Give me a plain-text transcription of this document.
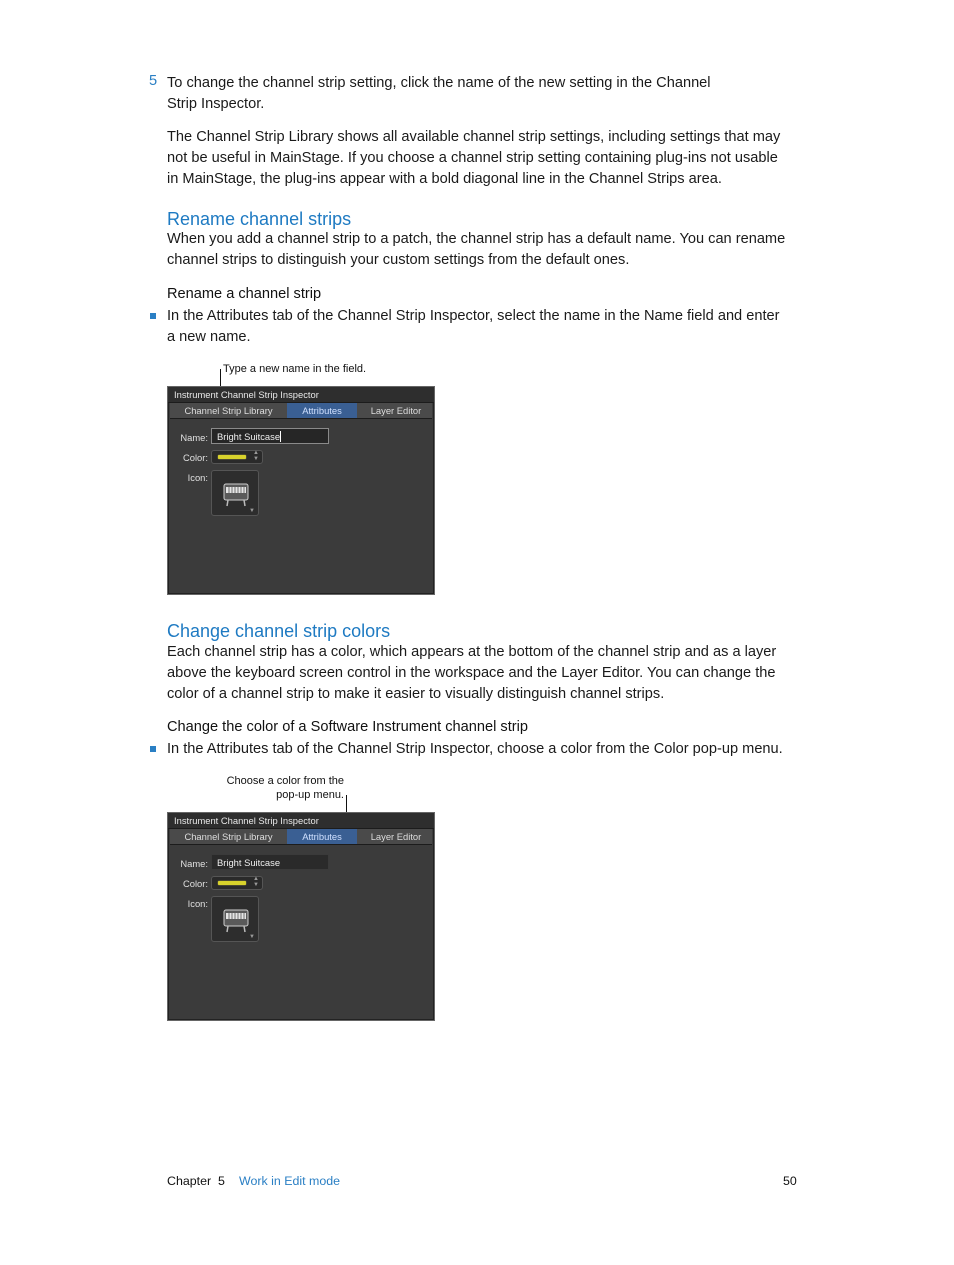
5 To change the channel strip setting, click the name of the new setting in the Channel
Strip Inspector.
The Channel Strip Library shows all available channel strip settings, including settings that may
not be useful in MainStage. If you choose a channel strip setting containing plug-ins not usable
in MainStage, the plug-ins appear with a bold diagonal line in the Channel Strips area.
Rename channel strips
When you add a channel strip to a patch, the channel strip has a default name. You can rename
channel strips to distinguish your custom settings from the default ones.
Rename a channel strip
In the Attributes tab of the Channel Strip Inspector, select the name in the Name field and enter
a new name.
Type a new name in the field.
Instrument Channel Strip Inspector
Channel Strip Library	Attributes	Layer Editor
Name: Bright Suitcase
Color:	▲
▼
Icon:
▼
Change channel strip colors
Each channel strip has a color, which appears at the bottom of the channel strip and as a layer
above the keyboard screen control in the workspace and the Layer Editor. You can change the
color of a channel strip to make it easier to visually distinguish channel strips.
Change the color of a Software Instrument channel strip
In the Attributes tab of the Channel Strip Inspector, choose a color from the Color pop-up menu.
Choose a color from the
pop-up menu.
Instrument Channel Strip Inspector
Channel Strip Library	Attributes	Layer Editor
Name: Bright Suitcase
Color:	▲
▼
Icon:
▼
Chapter  5 Work in Edit mode	50
